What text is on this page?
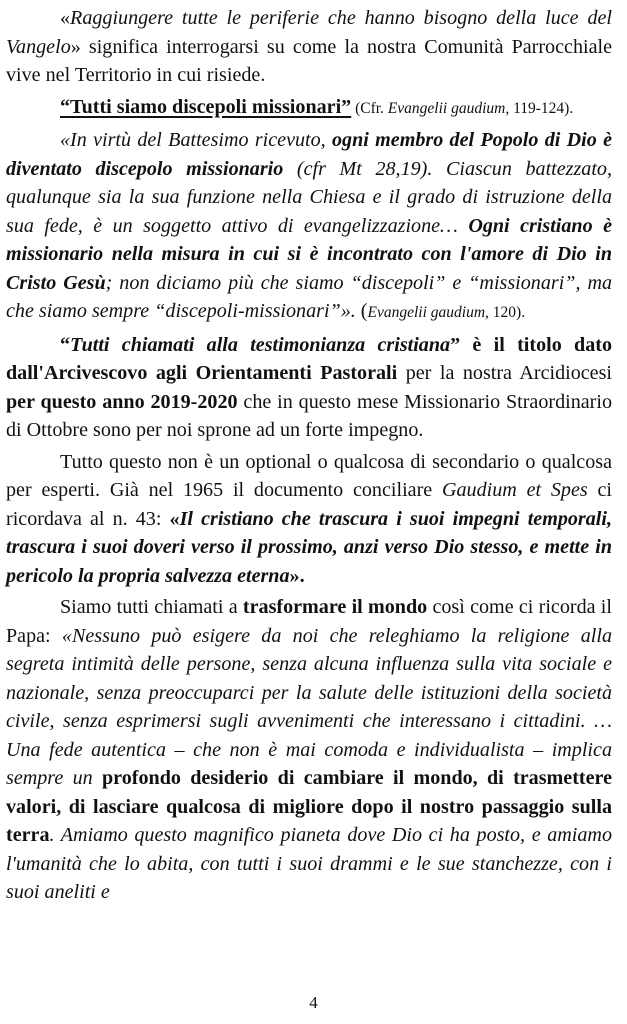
«Raggiungere tutte le periferie che hanno bisogno della luce del Vangelo» significa interrogarsi su come la nostra Comunità Parrocchiale vive nel Territorio in cui risiede.

“Tutti siamo discepoli missionari” (Cfr. Evangelii gaudium, 119-124).

«In virtù del Battesimo ricevuto, ogni membro del Popolo di Dio è diventato discepolo missionario (cfr Mt 28,19). Ciascun battezzato, qualunque sia la sua funzione nella Chiesa e il grado di istruzione della sua fede, è un soggetto attivo di evangelizzazione… Ogni cristiano è missionario nella misura in cui si è incontrato con l'amore di Dio in Cristo Gesù; non diciamo più che siamo “discepoli” e “missionari”, ma che siamo sempre “discepoli-missionari”». (Evangelii gaudium, 120).

“Tutti chiamati alla testimonianza cristiana” è il titolo dato dall'Arcivescovo agli Orientamenti Pastorali per la nostra Arcidiocesi per questo anno 2019-2020 che in questo mese Missionario Straordinario di Ottobre sono per noi sprone ad un forte impegno.

Tutto questo non è un optional o qualcosa di secondario o qualcosa per esperti. Già nel 1965 il documento conciliare Gaudium et Spes ci ricordava al n. 43: «Il cristiano che trascura i suoi impegni temporali, trascura i suoi doveri verso il prossimo, anzi verso Dio stesso, e mette in pericolo la propria salvezza eterna».

Siamo tutti chiamati a trasformare il mondo così come ci ricorda il Papa: «Nessuno può esigere da noi che releghiamo la religione alla segreta intimità delle persone, senza alcuna influenza sulla vita sociale e nazionale, senza preoccuparci per la salute delle istituzioni della società civile, senza esprimersi sugli avvenimenti che interessano i cittadini. …Una fede autentica – che non è mai comoda e individualista – implica sempre un profondo desiderio di cambiare il mondo, di trasmettere valori, di lasciare qualcosa di migliore dopo il nostro passaggio sulla terra. Amiamo questo magnifico pianeta dove Dio ci ha posto, e amiamo l'umanità che lo abita, con tutti i suoi drammi e le sue stanchezze, con i suoi aneliti e

4
